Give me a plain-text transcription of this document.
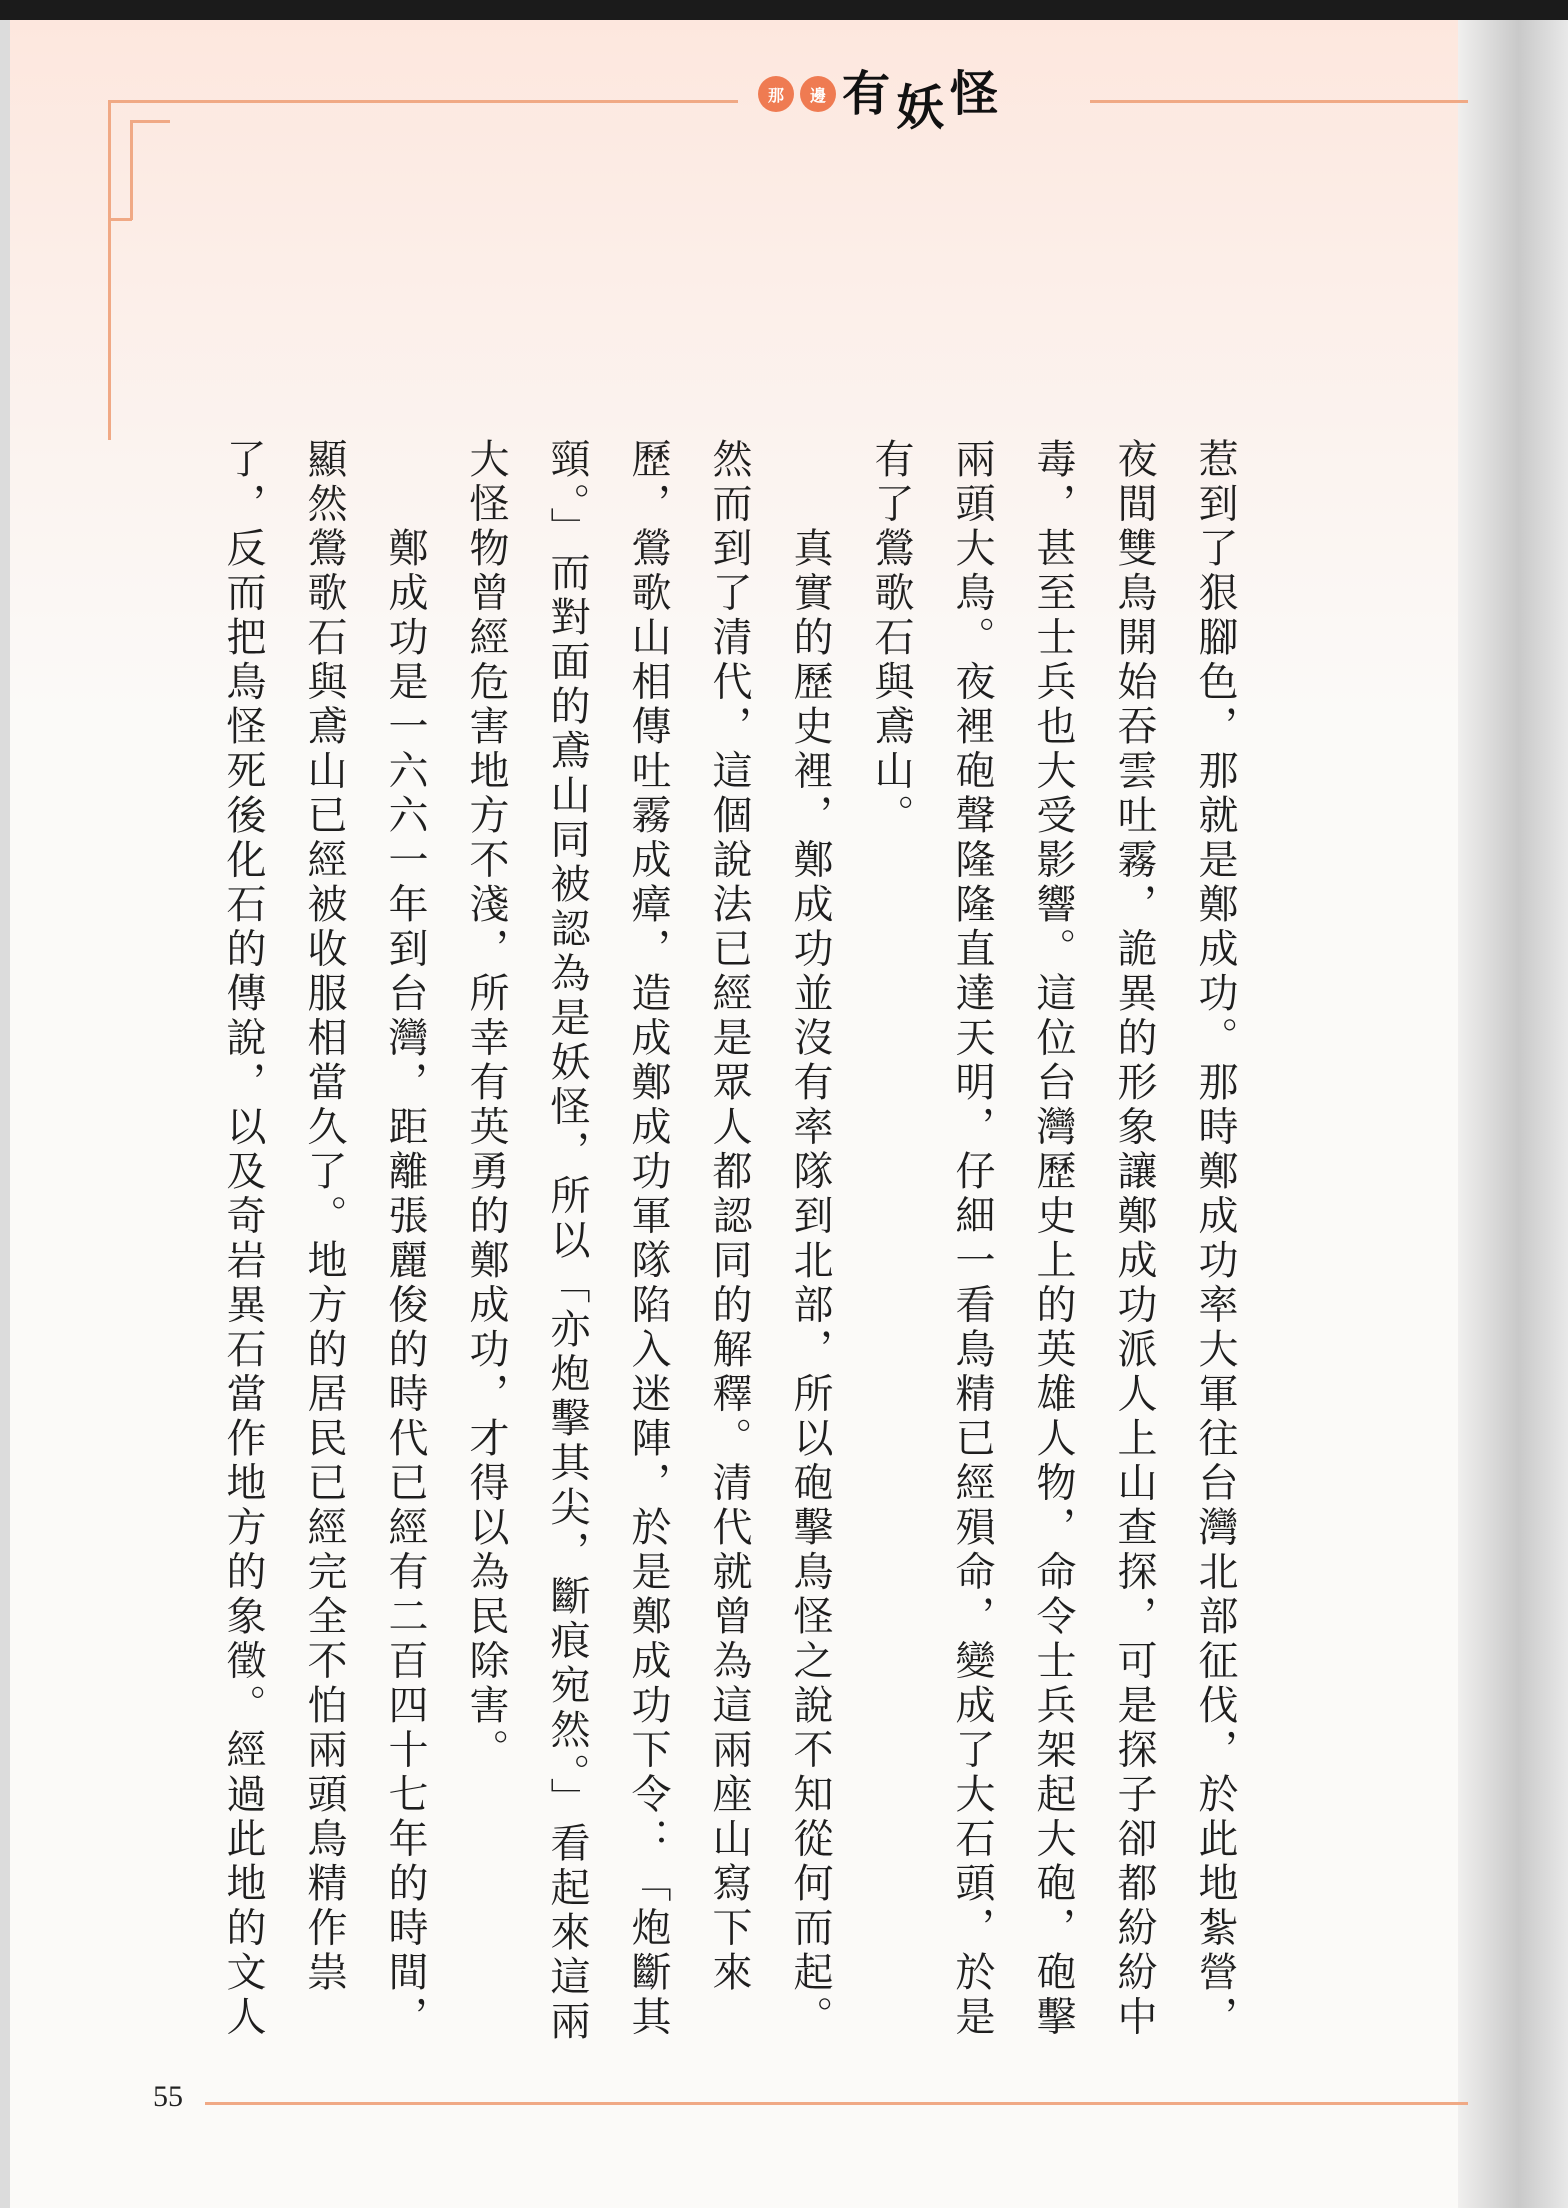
那	邊 有 妖 怪

惹到了狠腳色，那就是鄭成功。那時鄭成功率大軍往台灣北部征伐，於此地紮營，夜間雙鳥開始吞雲吐霧，詭異的形象讓鄭成功派人上山查探，可是探子卻都紛紛中毒，甚至士兵也大受影響。這位台灣歷史上的英雄人物，命令士兵架起大砲，砲擊兩頭大鳥。夜裡砲聲隆隆直達天明，仔細一看鳥精已經殞命，變成了大石頭，於是有了鶯歌石與鳶山。

　　真實的歷史裡，鄭成功並沒有率隊到北部，所以砲擊鳥怪之說不知從何而起。然而到了清代，這個說法已經是眾人都認同的解釋。清代就曾為這兩座山寫下來歷，鶯歌山相傳吐霧成瘴，造成鄭成功軍隊陷入迷陣，於是鄭成功下令：「炮斷其頸。」而對面的鳶山同被認為是妖怪，所以「亦炮擊其尖，斷痕宛然。」看起來這兩大怪物曾經危害地方不淺，所幸有英勇的鄭成功，才得以為民除害。

　　鄭成功是一六六一年到台灣，距離張麗俊的時代已經有二百四十七年的時間，顯然鶯歌石與鳶山已經被收服相當久了。地方的居民已經完全不怕兩頭鳥精作祟了，反而把鳥怪死後化石的傳說，以及奇岩異石當作地方的象徵。經過此地的文人

55
